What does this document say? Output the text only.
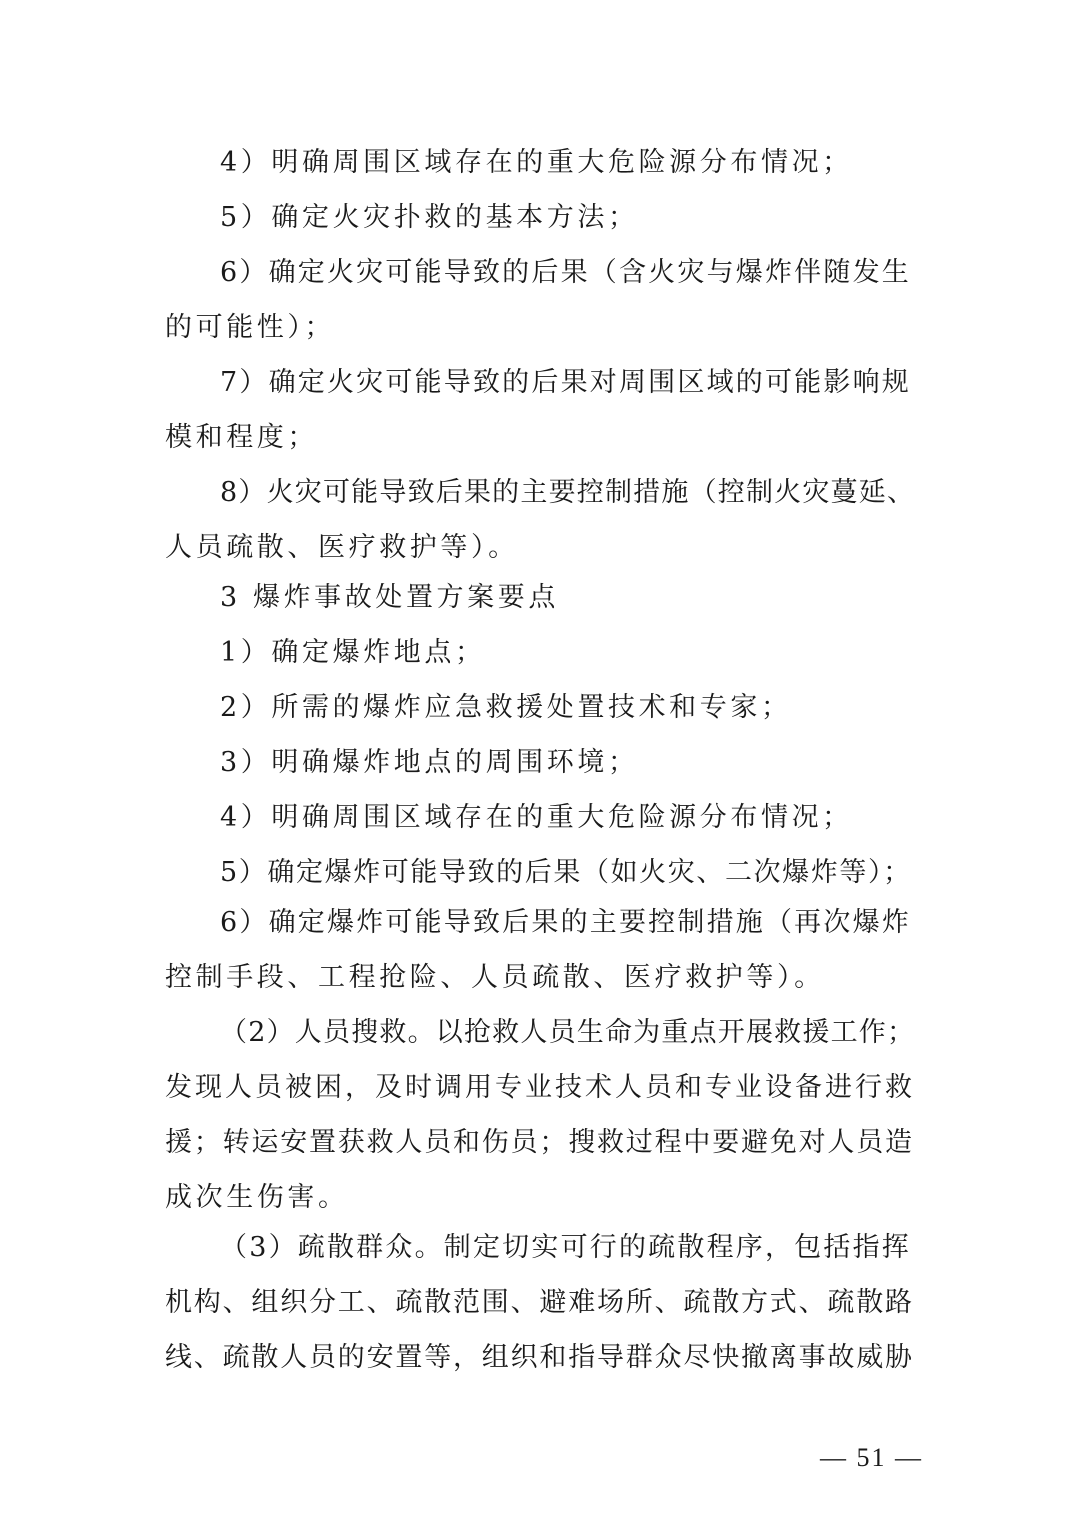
4）明确周围区域存在的重大危险源分布情况；
5）确定火灾扑救的基本方法；
6）确定火灾可能导致的后果（含火灾与爆炸伴随发生
的可能性）；
7）确定火灾可能导致的后果对周围区域的可能影响规
模和程度；
8）火灾可能导致后果的主要控制措施（控制火灾蔓延、
人员疏散、医疗救护等）。
3 爆炸事故处置方案要点
1）确定爆炸地点；
2）所需的爆炸应急救援处置技术和专家；
3）明确爆炸地点的周围环境；
4）明确周围区域存在的重大危险源分布情况；
5）确定爆炸可能导致的后果（如火灾、二次爆炸等）；
6）确定爆炸可能导致后果的主要控制措施（再次爆炸
控制手段、工程抢险、人员疏散、医疗救护等）。
（2）人员搜救。以抢救人员生命为重点开展救援工作；
发现人员被困，及时调用专业技术人员和专业设备进行救
援；转运安置获救人员和伤员；搜救过程中要避免对人员造
成次生伤害。
（3）疏散群众。制定切实可行的疏散程序，包括指挥
机构、组织分工、疏散范围、避难场所、疏散方式、疏散路
线、疏散人员的安置等，组织和指导群众尽快撤离事故威胁
— 51 —
